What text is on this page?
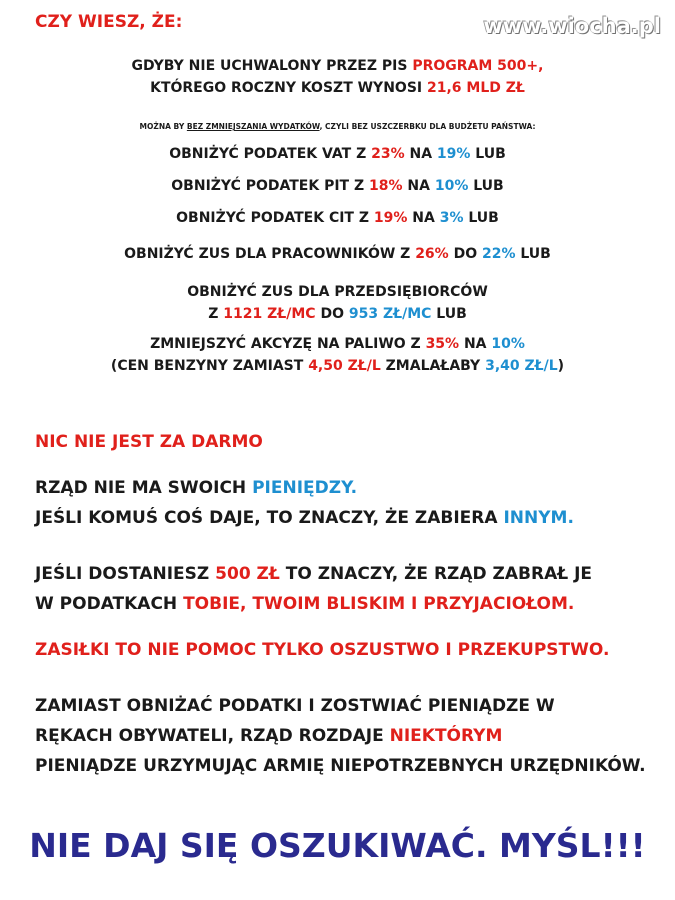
www.wiocha.pl
CZY WIESZ, ŻE:
GDYBY NIE UCHWALONY PRZEZ PIS PROGRAM 500+,
KTÓREGO ROCZNY KOSZT WYNOSI 21,6 MLD ZŁ
MOŻNA BY BEZ ZMNIEJSZANIA WYDATKÓW, CZYLI BEZ USZCZERBKU DLA BUDŻETU PAŃSTWA:
OBNIŻYĆ PODATEK VAT Z 23% NA 19% LUB
OBNIŻYĆ PODATEK PIT Z 18% NA 10% LUB
OBNIŻYĆ PODATEK CIT Z 19% NA 3% LUB
OBNIŻYĆ ZUS DLA PRACOWNIKÓW Z 26% DO 22% LUB
OBNIŻYĆ ZUS DLA PRZEDSIĘBIORCÓW
Z 1121 ZŁ/MC DO 953 ZŁ/MC LUB
ZMNIEJSZYĆ AKCYZĘ NA PALIWO Z 35% NA 10%
(CEN BENZYNY ZAMIAST 4,50 ZŁ/L ZMALAŁABY 3,40 ZŁ/L)
NIC NIE JEST ZA DARMO
RZĄD NIE MA SWOICH PIENIĘDZY.
JEŚLI KOMUŚ COŚ DAJE, TO ZNACZY, ŻE ZABIERA INNYM.
JEŚLI DOSTANIESZ 500 ZŁ TO ZNACZY, ŻE RZĄD ZABRAŁ JE
W PODATKACH TOBIE, TWOIM BLISKIM I PRZYJACIOŁOM.
ZASIŁKI TO NIE POMOC TYLKO OSZUSTWO I PRZEKUPSTWO.
ZAMIAST OBNIŻAĆ PODATKI I ZOSTWIAĆ PIENIĄDZE W
RĘKACH OBYWATELI, RZĄD ROZDAJE NIEKTÓRYM
PIENIĄDZE URZYMUJĄC ARMIĘ NIEPOTRZEBNYCH URZĘDNIKÓW.
NIE DAJ SIĘ OSZUKIWAĆ. MYŚL!!!
